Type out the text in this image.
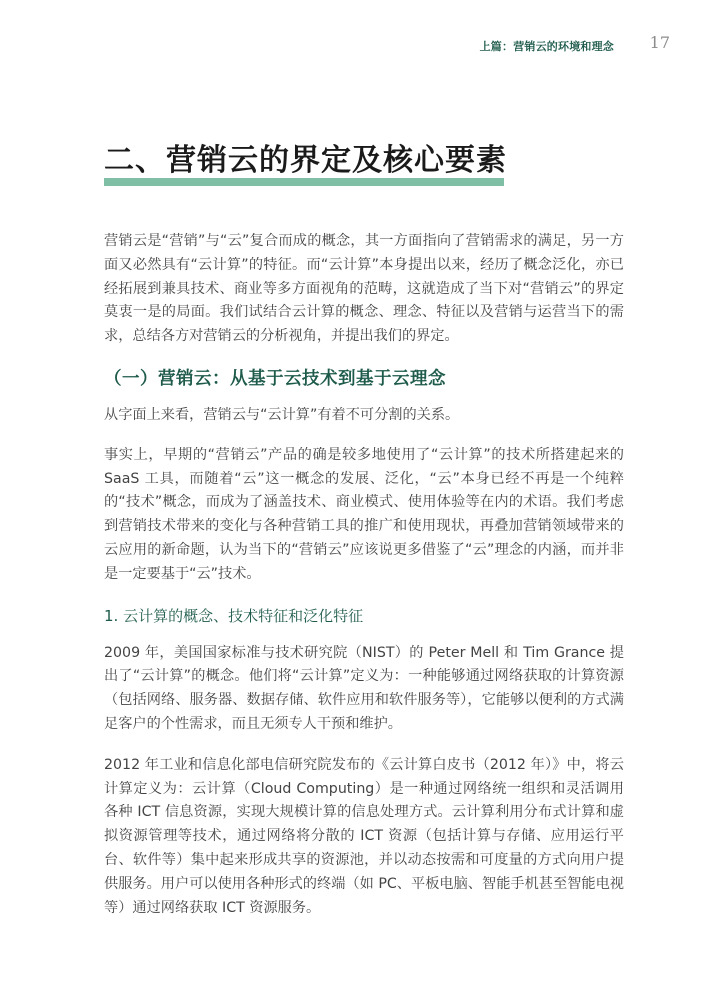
上篇：营销云的环境和理念 17
二、营销云的界定及核心要素

营销云是“营销”与“云”复合而成的概念，其一方面指向了营销需求的满足，另一方面又必然具有“云计算”的特征。而“云计算”本身提出以来，经历了概念泛化，亦已经拓展到兼具技术、商业等多方面视角的范畴，这就造成了当下对“营销云”的界定莫衷一是的局面。我们试结合云计算的概念、理念、特征以及营销与运营当下的需求，总结各方对营销云的分析视角，并提出我们的界定。

（一）营销云：从基于云技术到基于云理念

从字面上来看，营销云与“云计算”有着不可分割的关系。

事实上，早期的“营销云”产品的确是较多地使用了“云计算”的技术所搭建起来的 SaaS 工具，而随着“云”这一概念的发展、泛化，“云”本身已经不再是一个纯粹的“技术”概念，而成为了涵盖技术、商业模式、使用体验等在内的术语。我们考虑到营销技术带来的变化与各种营销工具的推广和使用现状，再叠加营销领域带来的云应用的新命题，认为当下的“营销云”应该说更多借鉴了“云”理念的内涵，而并非是一定要基于“云”技术。

1. 云计算的概念、技术特征和泛化特征

2009 年，美国国家标准与技术研究院（NIST）的 Peter Mell 和 Tim Grance 提出了“云计算”的概念。他们将“云计算”定义为：一种能够通过网络获取的计算资源（包括网络、服务器、数据存储、软件应用和软件服务等），它能够以便利的方式满足客户的个性需求，而且无须专人干预和维护。

2012 年工业和信息化部电信研究院发布的《云计算白皮书（2012 年）》中，将云计算定义为：云计算（Cloud Computing）是一种通过网络统一组织和灵活调用各种 ICT 信息资源，实现大规模计算的信息处理方式。云计算利用分布式计算和虚拟资源管理等技术，通过网络将分散的 ICT 资源（包括计算与存储、应用运行平台、软件等）集中起来形成共享的资源池，并以动态按需和可度量的方式向用户提供服务。用户可以使用各种形式的终端（如 PC、平板电脑、智能手机甚至智能电视等）通过网络获取 ICT 资源服务。
